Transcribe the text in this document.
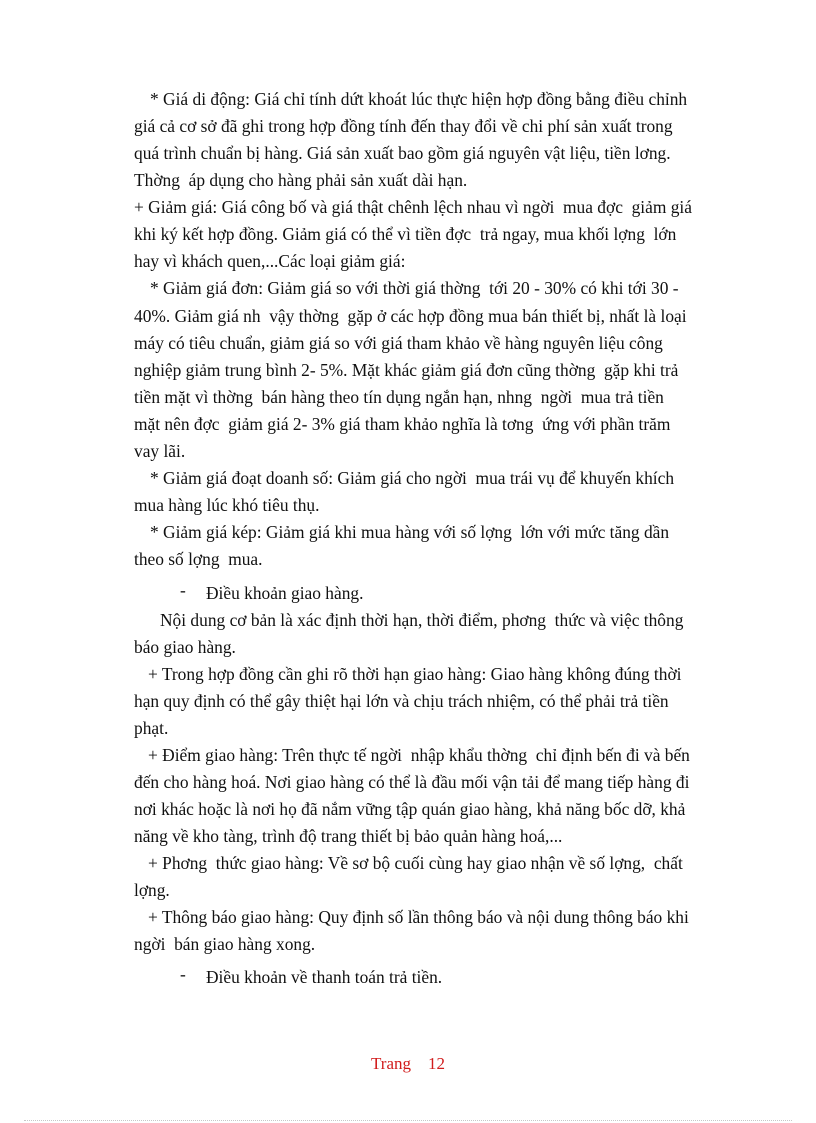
* Giá di động: Giá chỉ tính dứt khoát lúc thực hiện hợp đồng bằng điều chỉnh
giá cả cơ sở đã ghi trong hợp đồng tính đến thay đổi về chi phí sản xuất trong
quá trình chuẩn bị hàng. Giá sản xuất bao gồm giá nguyên vật liệu, tiền lơng.
Thờng  áp dụng cho hàng phải sản xuất dài hạn.
+ Giảm giá: Giá công bố và giá thật chênh lệch nhau vì ngời  mua đợc  giảm giá
khi ký kết hợp đồng. Giảm giá có thể vì tiền đợc  trả ngay, mua khối lợng  lớn
hay vì khách quen,...Các loại giảm giá:
* Giảm giá đơn: Giảm giá so với thời giá thờng  tới 20 - 30% có khi tới 30 -
40%. Giảm giá nh  vậy thờng  gặp ở các hợp đồng mua bán thiết bị, nhất là loại
máy có tiêu chuẩn, giảm giá so với giá tham khảo về hàng nguyên liệu công
nghiệp giảm trung bình 2- 5%. Mặt khác giảm giá đơn cũng thờng  gặp khi trả
tiền mặt vì thờng  bán hàng theo tín dụng ngắn hạn, nhng  ngời  mua trả tiền
mặt nên đợc  giảm giá 2- 3% giá tham khảo nghĩa là tơng  ứng với phần trăm
vay lãi.
* Giảm giá đoạt doanh số: Giảm giá cho ngời  mua trái vụ để khuyến khích
mua hàng lúc khó tiêu thụ.
* Giảm giá kép: Giảm giá khi mua hàng với số lợng  lớn với mức tăng dần
theo số lợng  mua.
- Điều khoản giao hàng.
Nội dung cơ bản là xác định thời hạn, thời điểm, phơng  thức và việc thông
báo giao hàng.
+ Trong hợp đồng cần ghi rõ thời hạn giao hàng: Giao hàng không đúng thời
hạn quy định có thể gây thiệt hại lớn và chịu trách nhiệm, có thể phải trả tiền
phạt.
+ Điểm giao hàng: Trên thực tế ngời  nhập khẩu thờng  chỉ định bến đi và bến
đến cho hàng hoá. Nơi giao hàng có thể là đầu mối vận tải để mang tiếp hàng đi
nơi khác hoặc là nơi họ đã nắm vững tập quán giao hàng, khả năng bốc dỡ, khả
năng về kho tàng, trình độ trang thiết bị bảo quản hàng hoá,...
+ Phơng  thức giao hàng: Về sơ bộ cuối cùng hay giao nhận về số lợng,  chất
lợng.
+ Thông báo giao hàng: Quy định số lần thông báo và nội dung thông báo khi
ngời  bán giao hàng xong.
- Điều khoản về thanh toán trả tiền.
Trang 12
